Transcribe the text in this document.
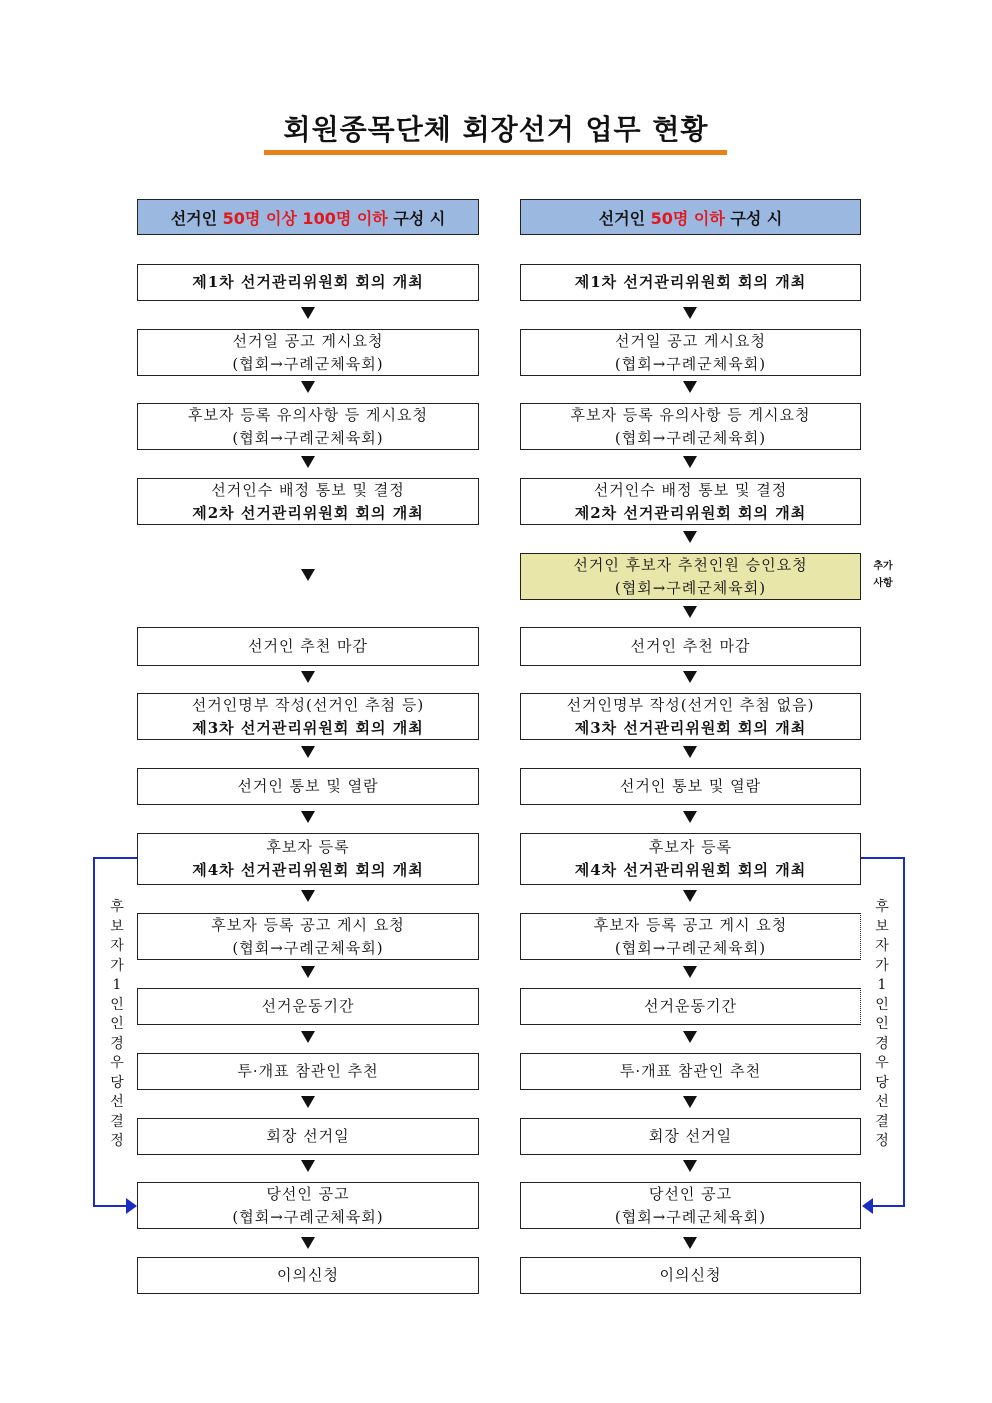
회원종목단체 회장선거 업무 현황
선거인 50명 이상 100명 이하 구성 시	선거인 50명 이하 구성 시
제1차 선거관리위원회 회의 개최
선거일 공고 게시요청
(협회→구례군체육회)
후보자 등록 유의사항 등 게시요청
(협회→구례군체육회)
선거인수 배정 통보 및 결정
제2차 선거관리위원회 회의 개최
선거인 추천 마감
선거인명부 작성(선거인 추첨 등)
제3차 선거관리위원회 회의 개최
선거인 통보 및 열람
후보자 등록
제4차 선거관리위원회 회의 개최
후보자 등록 공고 게시 요청
(협회→구례군체육회)
선거운동기간
투·개표 참관인 추천
회장 선거일
당선인 공고
(협회→구례군체육회)
이의신청
제1차 선거관리위원회 회의 개최
선거일 공고 게시요청
(협회→구례군체육회)
후보자 등록 유의사항 등 게시요청
(협회→구례군체육회)
선거인수 배정 통보 및 결정
제2차 선거관리위원회 회의 개최
선거인 후보자 추천인원 승인요청
(협회→구례군체육회)
선거인 추천 마감
선거인명부 작성(선거인 추첨 없음)
제3차 선거관리위원회 회의 개최
선거인 통보 및 열람
후보자 등록
제4차 선거관리위원회 회의 개최
후보자 등록 공고 게시 요청
(협회→구례군체육회)
선거운동기간
투·개표 참관인 추천
회장 선거일
당선인 공고
(협회→구례군체육회)
이의신청
추가
사항
후보자가 1인인 경우 당선 결정
후보자가 1인인 경우 당선 결정
